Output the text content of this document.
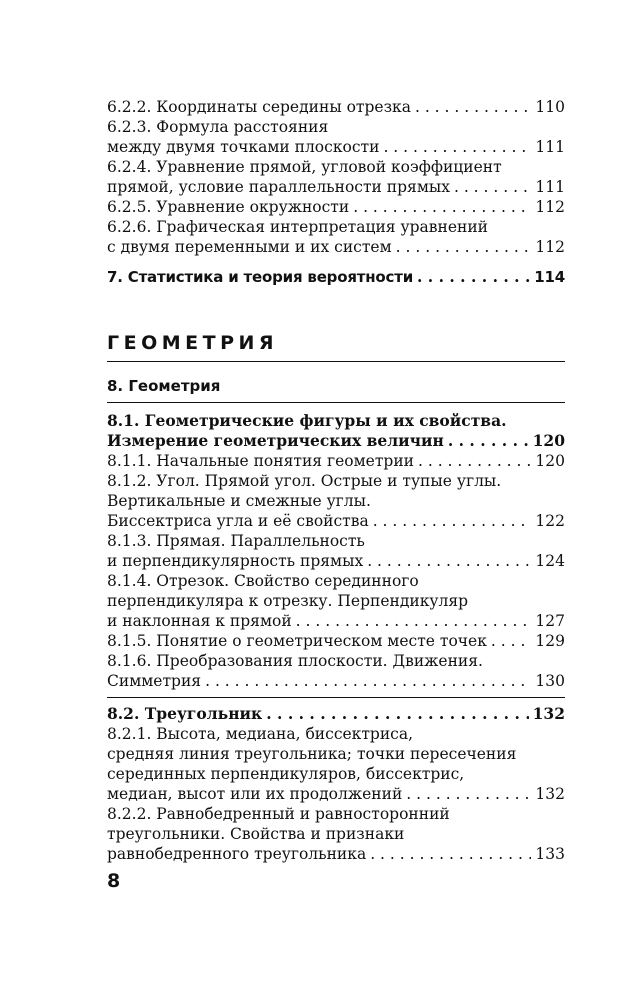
6.2.2. Координаты середины отрезка . . .	110
6.2.3. Формула расстояния
между двумя точками плоскости . . .	111
6.2.4. Уравнение прямой, угловой коэффициент
прямой, условие параллельности прямых . . .	111
6.2.5. Уравнение окружности . . .	112
6.2.6. Графическая интерпретация уравнений
с двумя переменными и их систем . . .	112
7. Статистика и теория вероятности . . .	114
ГЕОМЕТРИЯ
8. Геометрия
8.1. Геометрические фигуры и их свойства.
Измерение геометрических величин . . .	120
8.1.1. Начальные понятия геометрии . . .	120
8.1.2. Угол. Прямой угол. Острые и тупые углы.
Вертикальные и смежные углы.
Биссектриса угла и её свойства . . .	122
8.1.3. Прямая. Параллельность
и перпендикулярность прямых . . .	124
8.1.4. Отрезок. Свойство серединного
перпендикуляра к отрезку. Перпендикуляр
и наклонная к прямой . . .	127
8.1.5. Понятие о геометрическом месте точек . . .	129
8.1.6. Преобразования плоскости. Движения.
Симметрия . . .	130
8.2. Треугольник . . .	132
8.2.1. Высота, медиана, биссектриса,
средняя линия треугольника; точки пересечения
серединных перпендикуляров, биссектрис,
медиан, высот или их продолжений . . .	132
8.2.2. Равнобедренный и равносторонний
треугольники. Свойства и признаки
равнобедренного треугольника . . .	133
8
